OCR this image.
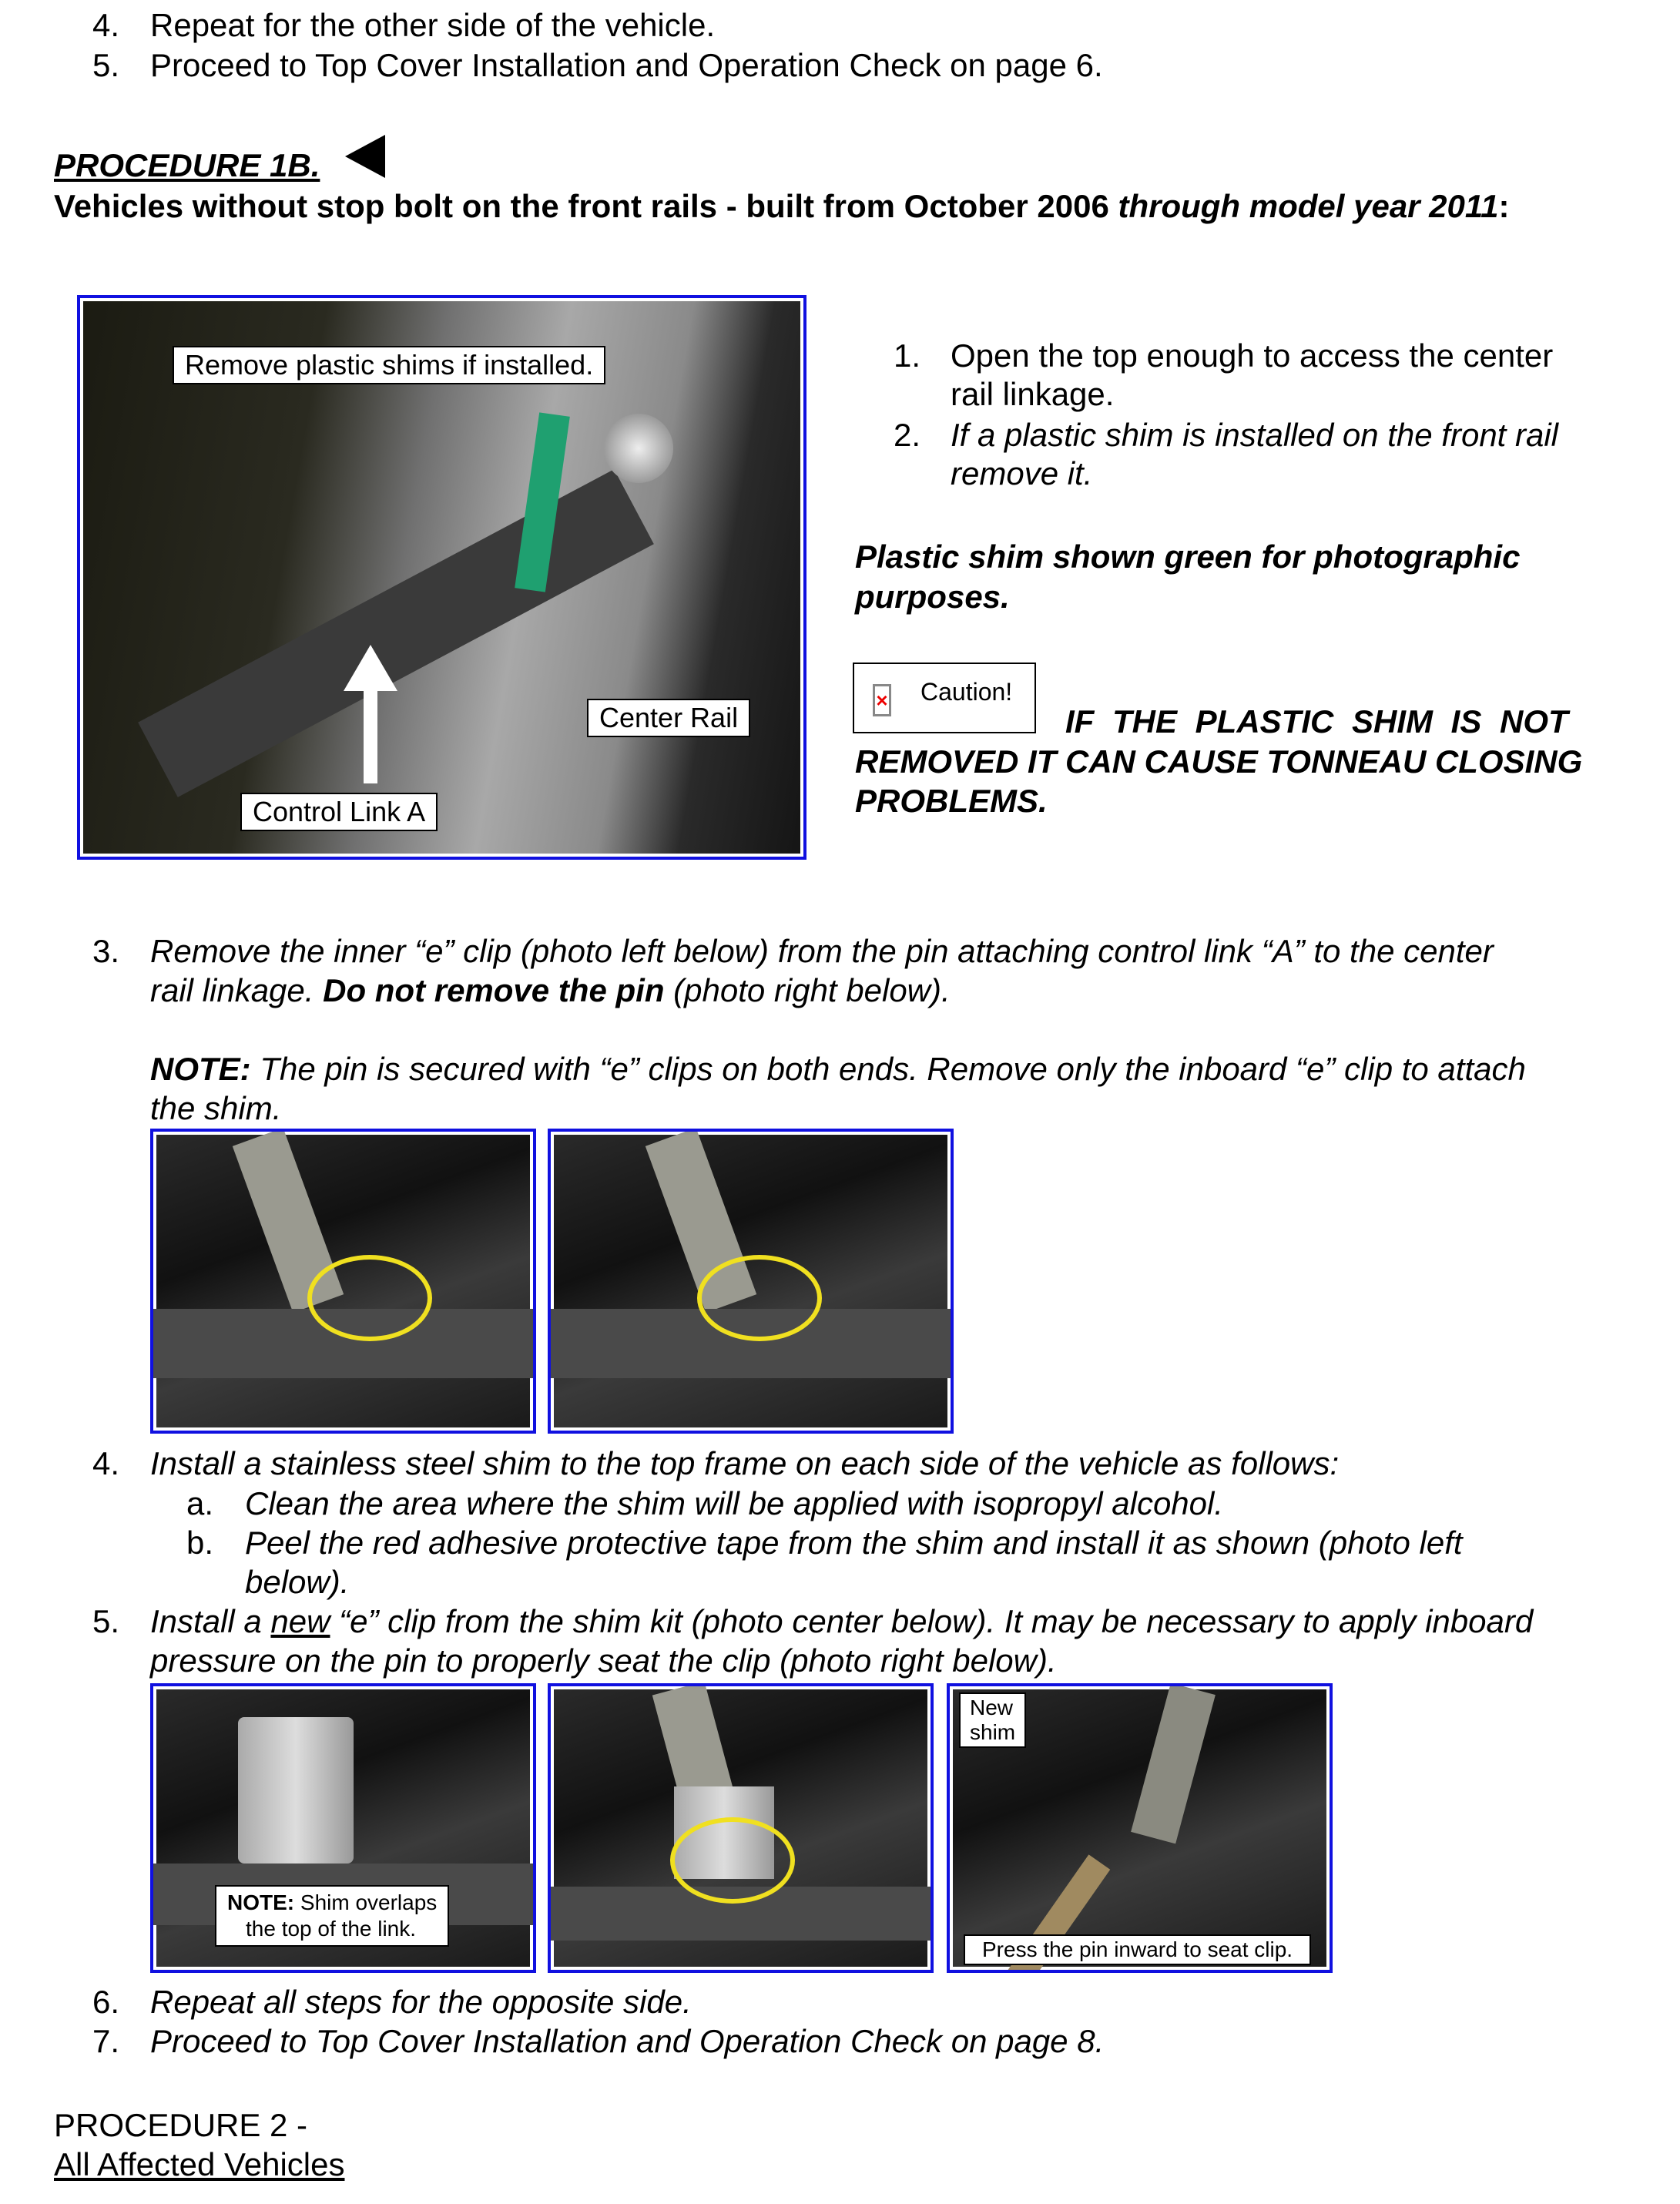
4. Repeat for the other side of the vehicle.
5. Proceed to Top Cover Installation and Operation Check on page 6.
PROCEDURE 1B.
Vehicles without stop bolt on the front rails - built from October 2006 through model year 2011:
Remove plastic shims if installed.
Center Rail
Control Link A
1. Open the top enough to access the center
rail linkage.
2. If a plastic shim is installed on the front rail
remove it.
Plastic shim shown green for photographic
purposes.
× Caution!
IF THE PLASTIC SHIM IS NOT
REMOVED IT CAN CAUSE TONNEAU CLOSING
PROBLEMS.
3. Remove the inner “e” clip (photo left below) from the pin attaching control link “A” to the center
rail linkage. Do not remove the pin (photo right below).
NOTE: The pin is secured with “e” clips on both ends. Remove only the inboard “e” clip to attach
the shim.
4. Install a stainless steel shim to the top frame on each side of the vehicle as follows:
a. Clean the area where the shim will be applied with isopropyl alcohol.
b. Peel the red adhesive protective tape from the shim and install it as shown (photo left
below).
5. Install a new “e” clip from the shim kit (photo center below). It may be necessary to apply inboard
pressure on the pin to properly seat the clip (photo right below).
NOTE: Shim overlaps
the top of the link.
New
shim
Press the pin inward to seat clip.
6. Repeat all steps for the opposite side.
7. Proceed to Top Cover Installation and Operation Check on page 8.
PROCEDURE 2 -
All Affected Vehicles
